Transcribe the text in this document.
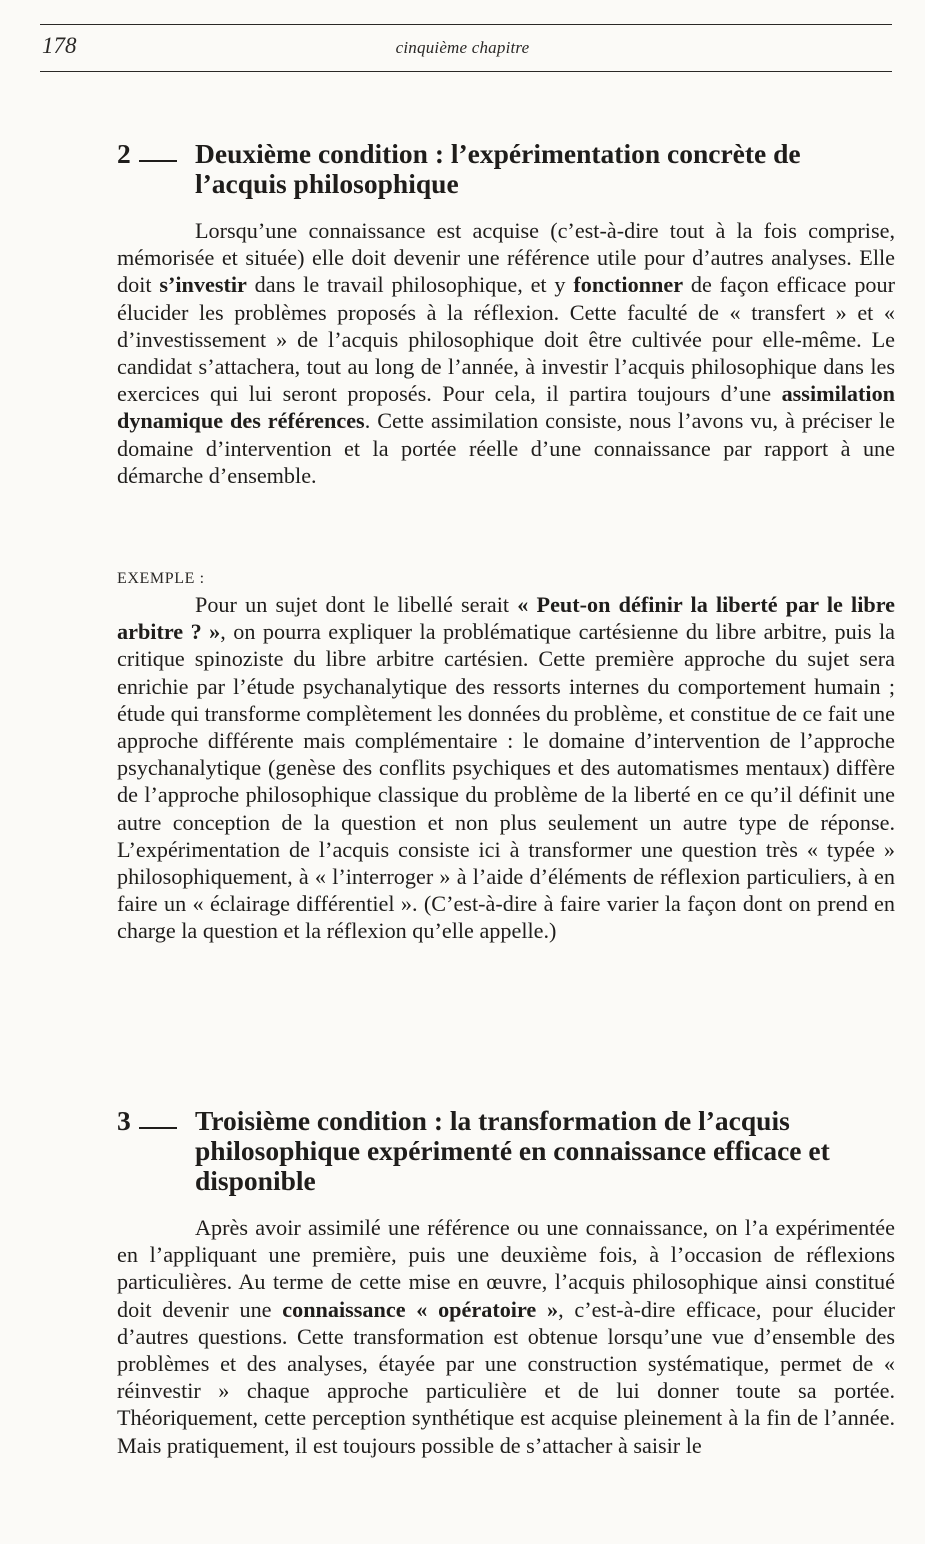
178	cinquième chapitre
2	Deuxième condition : l’expérimentation concrète de l’acquis philosophique

Lorsqu’une connaissance est acquise (c’est-à-dire tout à la fois comprise, mémorisée et située) elle doit devenir une référence utile pour d’autres analyses. Elle doit s’investir dans le travail philosophique, et y fonctionner de façon efficace pour élucider les problèmes proposés à la réflexion. Cette faculté de « transfert » et « d’investissement » de l’acquis philosophique doit être cultivée pour elle-même. Le candidat s’attachera, tout au long de l’année, à investir l’acquis philosophique dans les exercices qui lui seront proposés. Pour cela, il partira toujours d’une assimilation dynamique des références. Cette assimilation consiste, nous l’avons vu, à préciser le domaine d’intervention et la portée réelle d’une connaissance par rapport à une démarche d’ensemble.

EXEMPLE :

Pour un sujet dont le libellé serait « Peut-on définir la liberté par le libre arbitre ? », on pourra expliquer la problématique cartésienne du libre arbitre, puis la critique spinoziste du libre arbitre cartésien. Cette première approche du sujet sera enrichie par l’étude psychanalytique des ressorts internes du comportement humain ; étude qui transforme complètement les données du problème, et constitue de ce fait une approche différente mais complémentaire : le domaine d’intervention de l’approche psychanalytique (genèse des conflits psychiques et des automatismes mentaux) diffère de l’approche philosophique classique du problème de la liberté en ce qu’il définit une autre conception de la question et non plus seulement un autre type de réponse. L’expérimentation de l’acquis consiste ici à transformer une question très « typée » philosophiquement, à « l’interroger » à l’aide d’éléments de réflexion particuliers, à en faire un « éclairage différentiel ». (C’est-à-dire à faire varier la façon dont on prend en charge la question et la réflexion qu’elle appelle.)

3	Troisième condition : la transformation de l’acquis philosophique expérimenté en connaissance efficace et disponible

Après avoir assimilé une référence ou une connaissance, on l’a expérimentée en l’appliquant une première, puis une deuxième fois, à l’occasion de réflexions particulières. Au terme de cette mise en œuvre, l’acquis philosophique ainsi constitué doit devenir une connaissance « opératoire », c’est-à-dire efficace, pour élucider d’autres questions. Cette transformation est obtenue lorsqu’une vue d’ensemble des problèmes et des analyses, étayée par une construction systématique, permet de « réinvestir » chaque approche particulière et de lui donner toute sa portée. Théoriquement, cette perception synthétique est acquise pleinement à la fin de l’année. Mais pratiquement, il est toujours possible de s’attacher à saisir le
